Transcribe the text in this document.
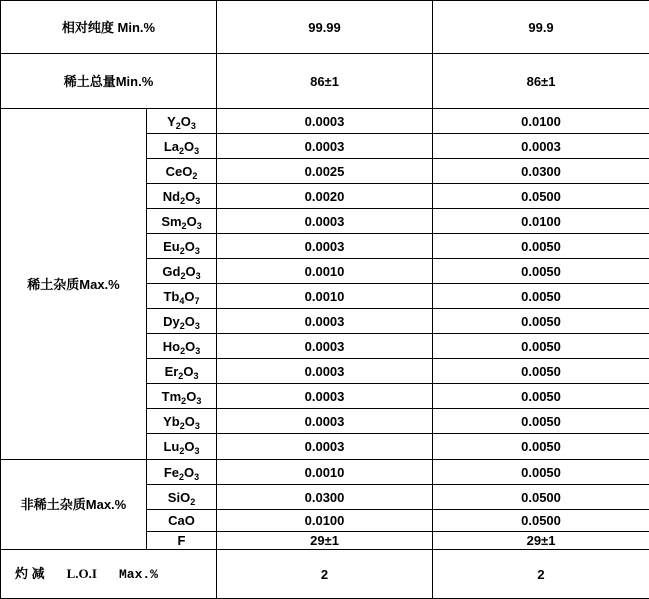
相对纯度 Min.%		99.99	99.9
稀土总量Min.%		86±1	86±1
稀土杂质Max.%	$Y_2O_3$	0.0003	0.0100
	$La_2O_3$	0.0003	0.0003
	CeO$_2$	0.0025	0.0300
	$Nd_2O_3$	0.0020	0.0500
	$Sm_2O_3$	0.0003	0.0100
	$Eu_2O_3$	0.0003	0.0050
	$Gd_2O_3$	0.0010	0.0050
	$Tb_4O_7$	0.0010	0.0050
	$Dy_2O_3$	0.0003	0.0050
	$Ho_2O_3$	0.0003	0.0050
	$Er_2O_3$	0.0003	0.0050
	$Tm_2O_3$	0.0003	0.0050
	$Yb_2O_3$	0.0003	0.0050
	$Lu_2O_3$	0.0003	0.0050
非稀土杂质Max.%	$Fe_2O_3$	0.0010	0.0050
	SiO$_2$	0.0300	0.0500
	CaO	0.0100	0.0500
	F	29±1	29±1
灼 减 L.O.I Max.%		2	2
